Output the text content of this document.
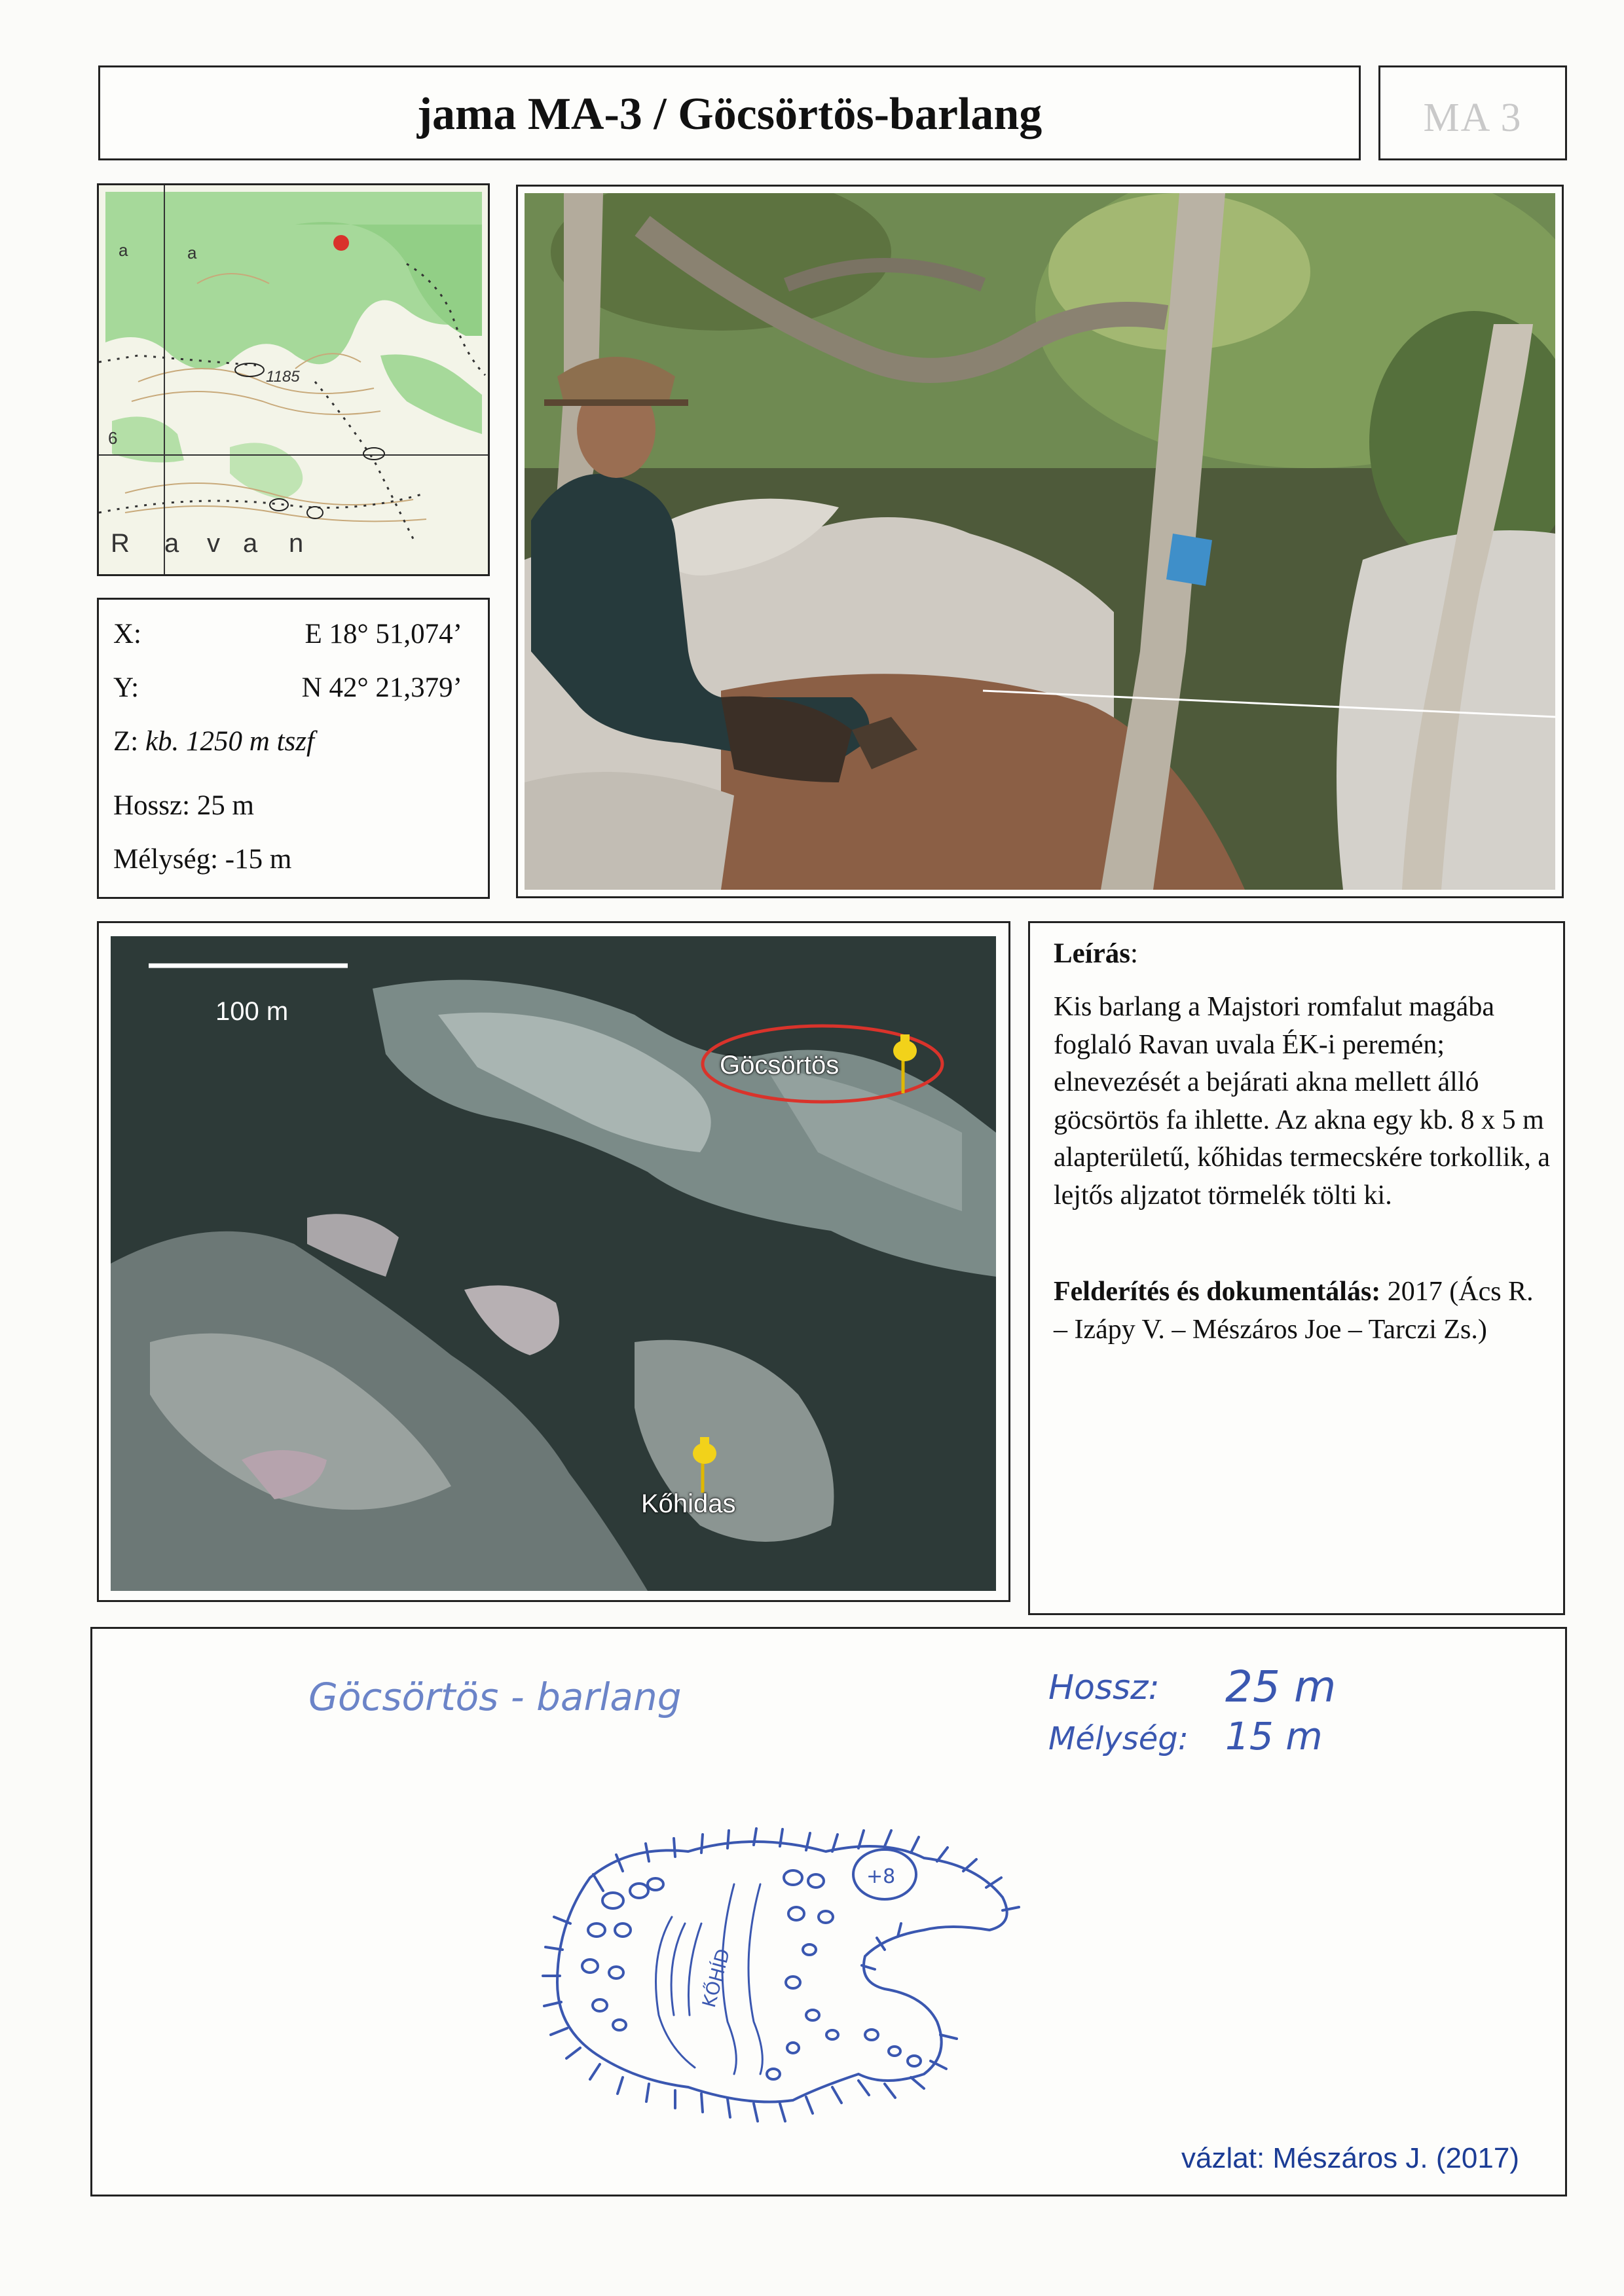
jama MA-3 / Göcsörtös-barlang	MA 3
a	a
1185
6
R a v a n
X:	E 18° 51,074’
Y:	N 42° 21,379’
Z: kb. 1250 m tszf
Hossz: 25 m
Mélység: -15 m
100 m
Göcsörtös
Kőhidas
Leírás:
Kis barlang a Majstori romfalut magába foglaló Ravan uvala ÉK-i peremén; elnevezését a bejárati akna mellett álló göcsörtös fa ihlette. Az akna egy kb. 8 x 5 m alapterületű, kőhidas termecskére torkollik, a lejtős aljzatot törmelék tölti ki.
Felderítés és dokumentálás: 2017 (Ács R. – Izápy V. – Mészáros Joe – Tarczi Zs.)
Göcsörtös - barlang	Hossz: 25 m
Mélység: 15 m
+8
KŐHÍD
vázlat: Mészáros J. (2017)
